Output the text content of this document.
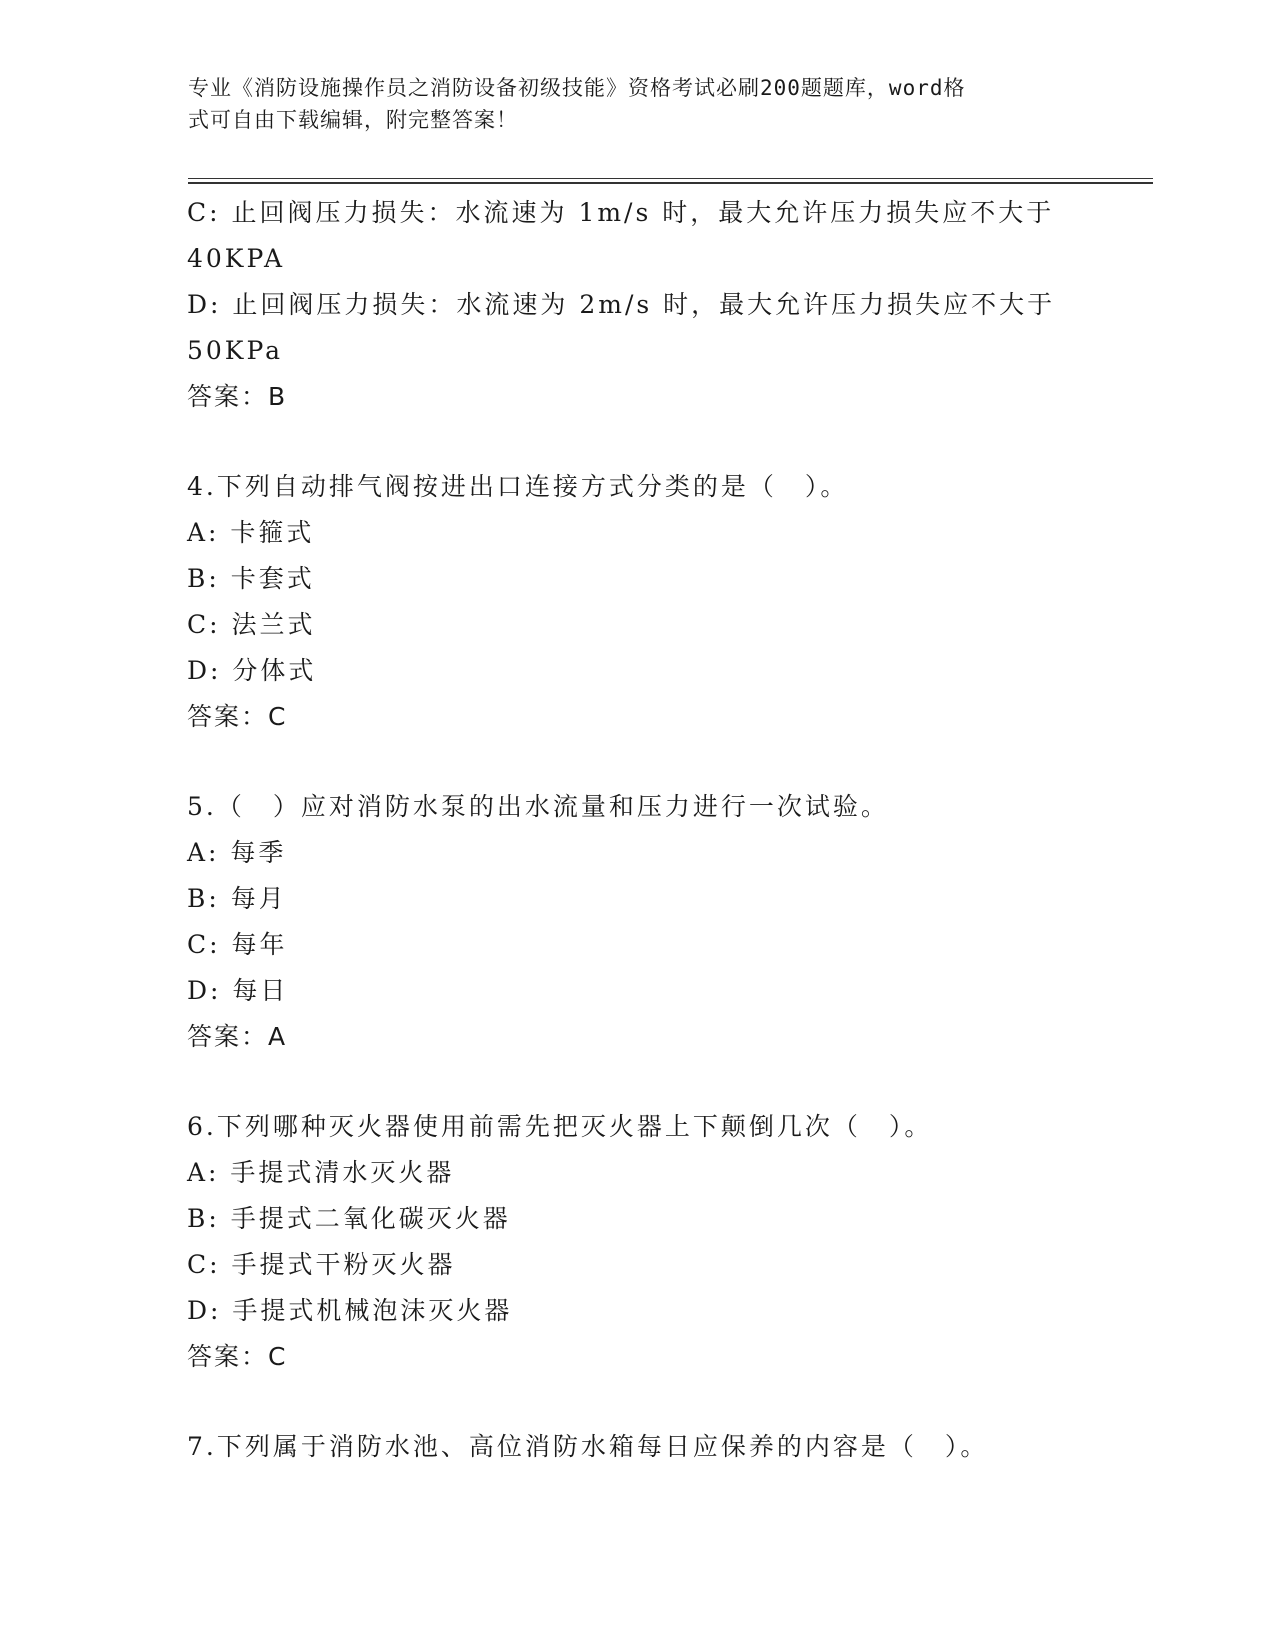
专业《消防设施操作员之消防设备初级技能》资格考试必刷200题题库，word格
式可自由下载编辑，附完整答案！
C: 止回阀压力损失：水流速为 1m/s 时，最大允许压力损失应不大于
40KPA
D: 止回阀压力损失：水流速为 2m/s 时，最大允许压力损失应不大于
50KPa
答案：B
4.下列自动排气阀按进出口连接方式分类的是（　）。
A: 卡箍式
B: 卡套式
C: 法兰式
D: 分体式
答案：C
5.（　）应对消防水泵的出水流量和压力进行一次试验。
A: 每季
B: 每月
C: 每年
D: 每日
答案：A
6.下列哪种灭火器使用前需先把灭火器上下颠倒几次（　）。
A: 手提式清水灭火器
B: 手提式二氧化碳灭火器
C: 手提式干粉灭火器
D: 手提式机械泡沫灭火器
答案：C
7.下列属于消防水池、高位消防水箱每日应保养的内容是（　）。
